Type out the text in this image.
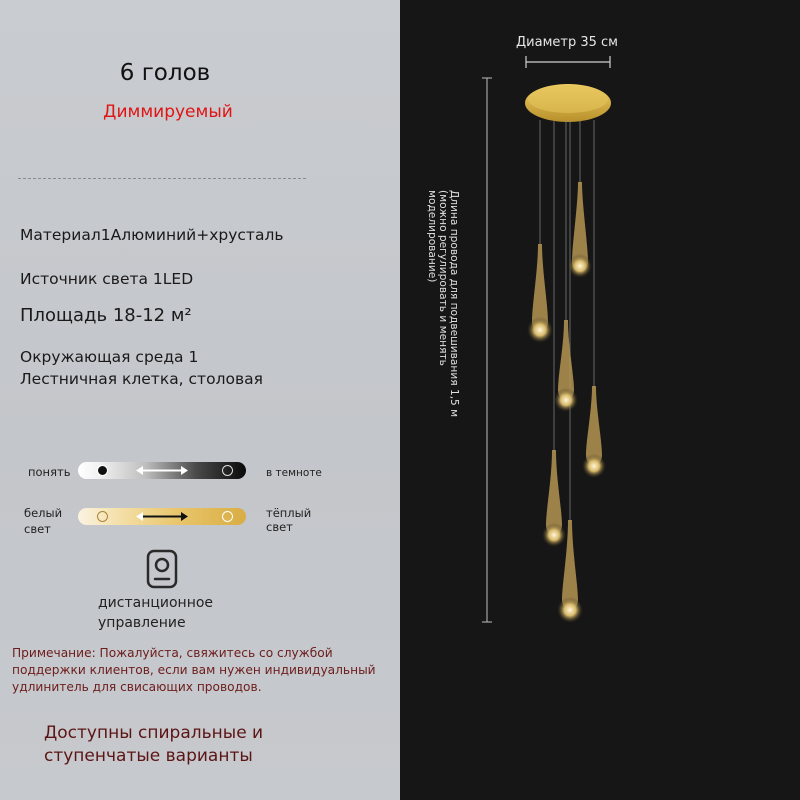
6 голов
Диммируемый
Материал1Алюминий+хрусталь
Источник света 1LED
Площадь 18-12 м²
Окружающая среда 1
Лестничная клетка, столовая
понять	в темноте
белый
свет
тёплый
свет
дистанционное
управление
Примечание: Пожалуйста, свяжитесь со службой поддержки клиентов, если вам нужен индивидуальный удлинитель для свисающих проводов.
Доступны спиральные и
ступенчатые варианты
Диаметр 35 см
Длина провода для подвешивания 1,5 м (можно регулировать и менять моделирование)
